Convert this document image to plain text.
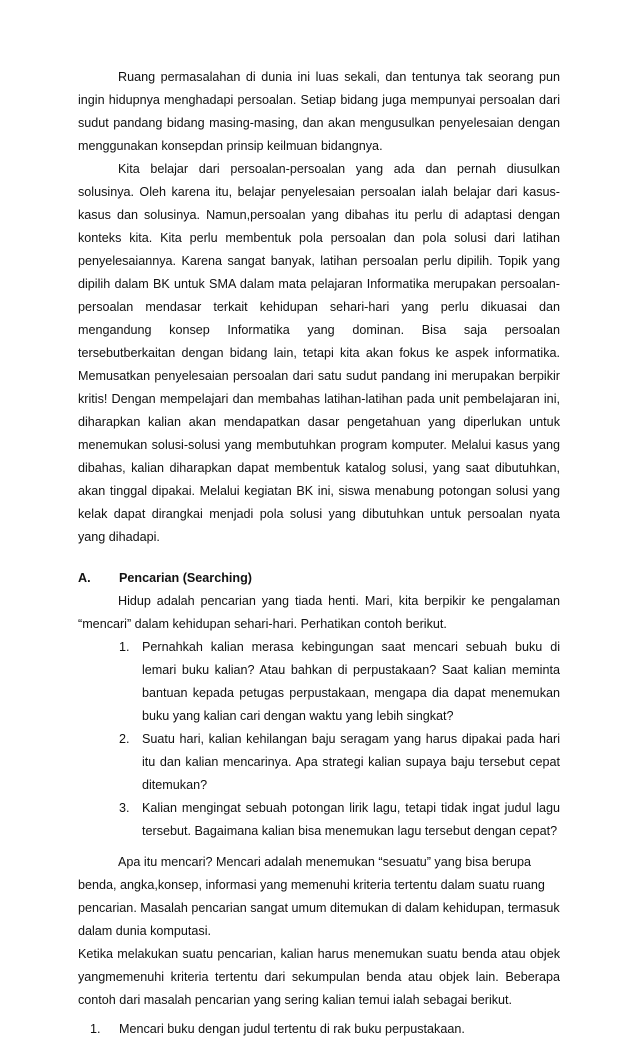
Ruang permasalahan di dunia ini luas sekali, dan tentunya tak seorang pun ingin hidupnya menghadapi persoalan. Setiap bidang juga mempunyai persoalan dari sudut pandang bidang masing-masing, dan akan mengusulkan penyelesaian dengan menggunakan konsepdan prinsip keilmuan bidangnya.

Kita belajar dari persoalan-persoalan yang ada dan pernah diusulkan solusinya. Oleh karena itu, belajar penyelesaian persoalan ialah belajar dari kasus-kasus dan solusinya. Namun,persoalan yang dibahas itu perlu di adaptasi dengan konteks kita. Kita perlu membentuk pola persoalan dan pola solusi dari latihan penyelesaiannya. Karena sangat banyak, latihan persoalan perlu dipilih. Topik yang dipilih dalam BK untuk SMA dalam mata pelajaran Informatika merupakan persoalan-persoalan mendasar terkait kehidupan sehari-hari yang perlu dikuasai dan mengandung konsep Informatika yang dominan. Bisa saja persoalan tersebutberkaitan dengan bidang lain, tetapi kita akan fokus ke aspek informatika. Memusatkan penyelesaian persoalan dari satu sudut pandang ini merupakan berpikir kritis! Dengan mempelajari dan membahas latihan-latihan pada unit pembelajaran ini, diharapkan kalian akan mendapatkan dasar pengetahuan yang diperlukan untuk menemukan solusi-solusi yang membutuhkan program komputer. Melalui kasus yang dibahas, kalian diharapkan dapat membentuk katalog solusi, yang saat dibutuhkan, akan tinggal dipakai. Melalui kegiatan BK ini, siswa menabung potongan solusi yang kelak dapat dirangkai menjadi pola solusi yang dibutuhkan untuk persoalan nyata yang dihadapi.

A.	Pencarian (Searching)

Hidup adalah pencarian yang tiada henti. Mari, kita berpikir ke pengalaman “mencari” dalam kehidupan sehari-hari. Perhatikan contoh berikut.

1. Pernahkah kalian merasa kebingungan saat mencari sebuah buku di lemari buku kalian? Atau bahkan di perpustakaan? Saat kalian meminta bantuan kepada petugas perpustakaan, mengapa dia dapat menemukan buku yang kalian cari dengan waktu yang lebih singkat?
2. Suatu hari, kalian kehilangan baju seragam yang harus dipakai pada hari itu dan kalian mencarinya. Apa strategi kalian supaya baju tersebut cepat ditemukan?
3. Kalian mengingat sebuah potongan lirik lagu, tetapi tidak ingat judul lagu tersebut. Bagaimana kalian bisa menemukan lagu tersebut dengan cepat?

Apa itu mencari? Mencari adalah menemukan “sesuatu” yang bisa berupa benda, angka,konsep, informasi yang memenuhi kriteria tertentu dalam suatu ruang pencarian. Masalah pencarian sangat umum ditemukan di dalam kehidupan, termasuk dalam dunia komputasi.

Ketika melakukan suatu pencarian, kalian harus menemukan suatu benda atau objek yangmemenuhi kriteria tertentu dari sekumpulan benda atau objek lain. Beberapa contoh dari masalah pencarian yang sering kalian temui ialah sebagai berikut.

1.	Mencari buku dengan judul tertentu di rak buku perpustakaan.
